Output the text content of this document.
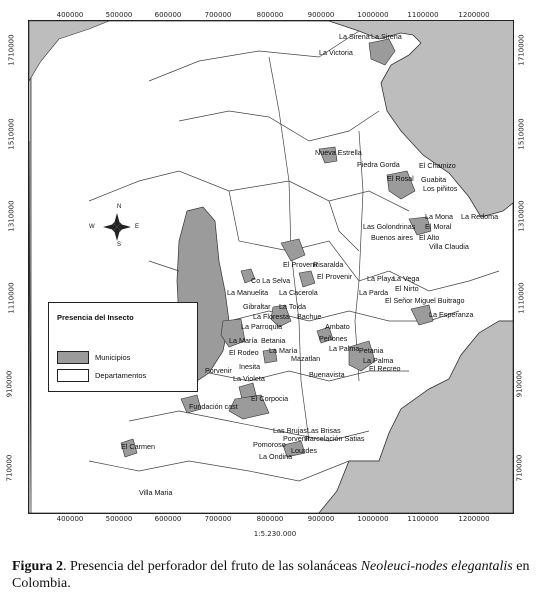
400000	500000	600000	700000	800000	900000	1000000	1100000	1200000
400000	500000	600000	700000	800000	900000	1000000	1100000	1200000
1710000
1510000
1310000
1110000
910000
710000
1710000
1510000
1310000
1110000
910000
710000
N
S
E
W
La Sirena La Sirena
La Victoria
Nueva Estrella
Piedra Gorda	El Chamizo
El Rosal Guabita
Los piñitos
La Mona La Redoma
Las Golondrinas El Moral
Buenos aires El Alto
Villa Claudia
El Provenir
Risaralda
Co La Selva	El Provenir La Playa
La Vega
La Manuelita La Cacerola	La Parda El Nirto
Gibraltar La Tolda
El Señor Miguel Buitrago
La Floresta Bachue	La Esperanza
La Parroquia	Ambato
La María Betania	Peñones
La María	La Palma Petania
El Rodeo
Mazatlan	La Palma
Inesita	El Recreo
Porvenir	Buenavista
La Violeta
El Corpocia
Fundación cast
Las Brujas Las Brisas
Porvenir
Parcelación Satias
Pomoroso
Lourdes
La Ondina
El Carmen
Villa Maria
Presencia del Insecto
Municipios
Departamentos
1:5.230.000
Figura 2. Presencia del perforador del fruto de las solanáceas Neoleuci-nodes elegantalis en Colombia.
